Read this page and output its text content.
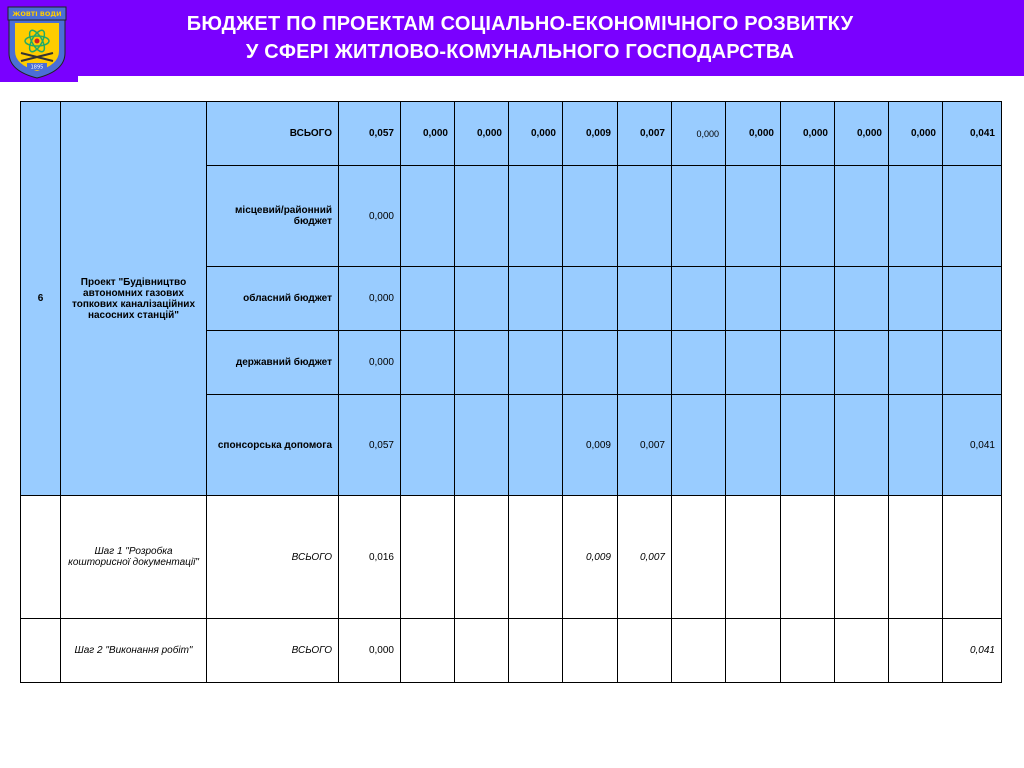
ЖОВТІ ВОДИ
1895
БЮДЖЕТ ПО ПРОЕКТАМ СОЦІАЛЬНО-ЕКОНОМІЧНОГО РОЗВИТКУ
У СФЕРІ ЖИТЛОВО-КОМУНАЛЬНОГО ГОСПОДАРСТВА
6	Проект "Будівництво автономних газових топкових каналізаційних насосних станцій"	ВСЬОГО	0,057	0,000	0,000	0,000	0,009	0,007	0,000	0,000	0,000	0,000	0,000	0,041
		місцевий/районний бюджет	0,000											
		обласний бюджет	0,000											
		державний бюджет	0,000											
		спонсорська допомога	0,057				0,009	0,007						0,041
	Шаг 1 "Розробка кошторисної документації"	ВСЬОГО	0,016				0,009	0,007						
	Шаг 2 "Виконання робіт"	ВСЬОГО	0,000											0,041
